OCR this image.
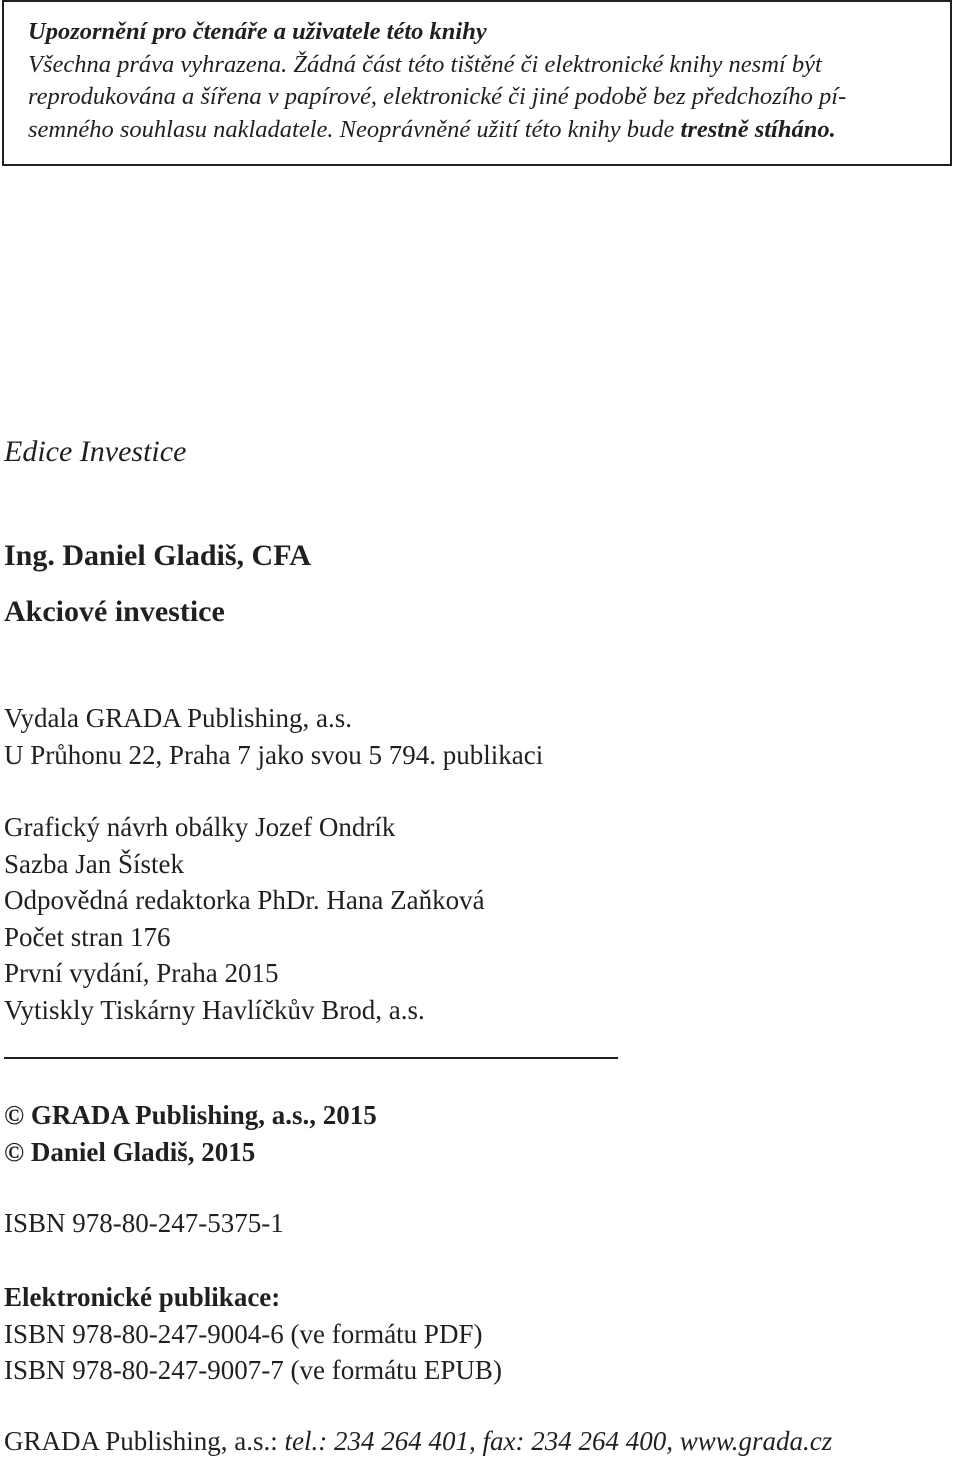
Upozornění pro čtenáře a uživatele této knihy

Všechna práva vyhrazena. Žádná část této tištěné či elektronické knihy nesmí být

reprodukována a šířena v papírové, elektronické či jiné podobě bez předchozího pí-

semného souhlasu nakladatele. Neoprávněné užití této knihy bude trestně stíháno.

Edice Investice

Ing. Daniel Gladiš, CFA

Akciové investice

Vydala GRADA Publishing, a.s.
U Průhonu 22, Praha 7 jako svou 5 794. publikaci
Grafický návrh obálky Jozef Ondrík
Sazba Jan Šístek
Odpovědná redaktorka PhDr. Hana Zaňková
Počet stran 176
První vydání, Praha 2015
Vytiskly Tiskárny Havlíčkův Brod, a.s.
© GRADA Publishing, a.s., 2015
© Daniel Gladiš, 2015
ISBN 978-80-247-5375-1
Elektronické publikace:
ISBN 978-80-247-9004-6 (ve formátu PDF)
ISBN 978-80-247-9007-7 (ve formátu EPUB)
GRADA Publishing, a.s.: tel.: 234 264 401, fax: 234 264 400, www.grada.cz
